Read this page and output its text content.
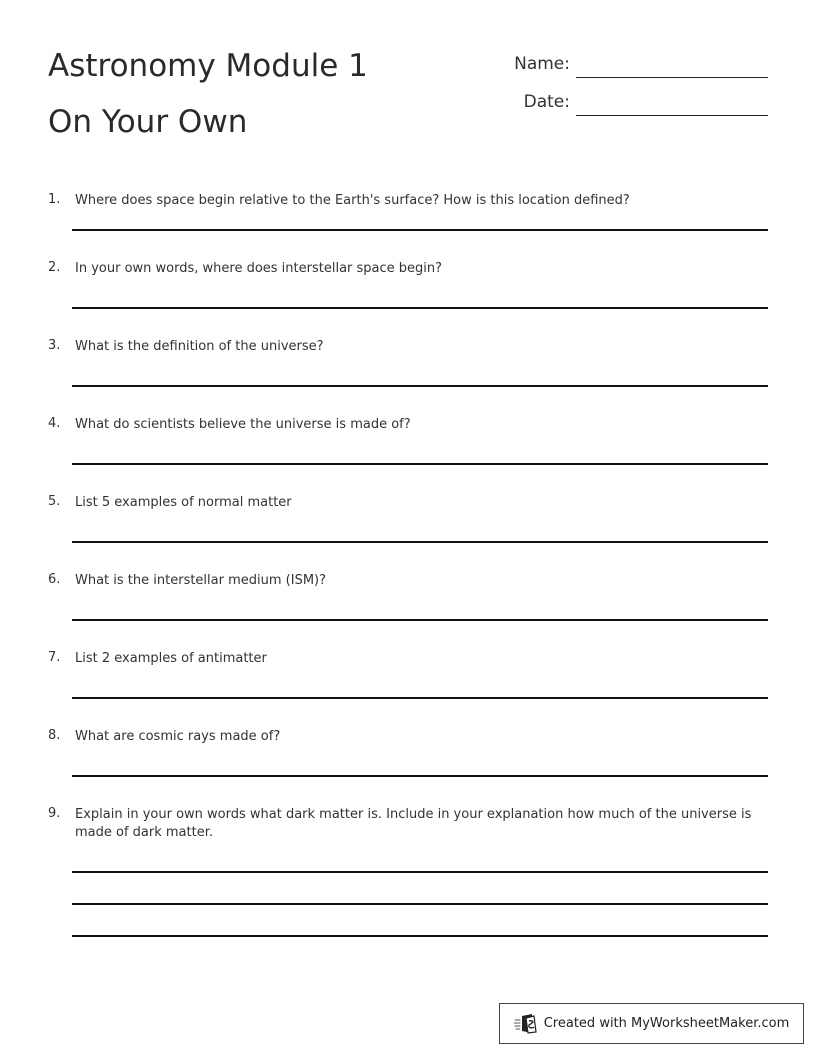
Astronomy Module 1
On Your Own
Name:
Date:
1. Where does space begin relative to the Earth's surface? How is this location defined?
2. In your own words, where does interstellar space begin?
3. What is the definition of the universe?
4. What do scientists believe the universe is made of?
5. List 5 examples of normal matter
6. What is the interstellar medium (ISM)?
7. List 2 examples of antimatter
8. What are cosmic rays made of?
9. Explain in your own words what dark matter is. Include in your explanation how much of the universe is made of dark matter.
Created with MyWorksheetMaker.com
